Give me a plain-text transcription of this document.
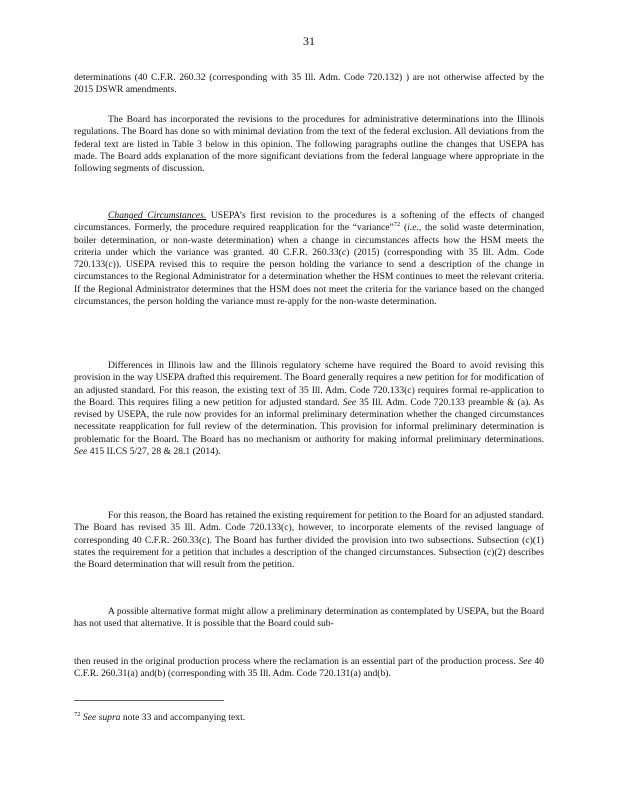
31

determinations (40 C.F.R. 260.32 (corresponding with 35 Ill. Adm. Code 720.132) ) are not otherwise affected by the 2015 DSWR amendments.

The Board has incorporated the revisions to the procedures for administrative determinations into the Illinois regulations. The Board has done so with minimal deviation from the text of the federal exclusion. All deviations from the federal text are listed in Table 3 below in this opinion. The following paragraphs outline the changes that USEPA has made. The Board adds explanation of the more significant deviations from the federal language where appropriate in the following segments of discussion.

Changed Circumstances. USEPA’s first revision to the procedures is a softening of the effects of changed circumstances. Formerly, the procedure required reapplication for the “variance”$^{72}$ (i.e., the solid waste determination, boiler determination, or non-waste determination) when a change in circumstances affects how the HSM meets the criteria under which the variance was granted. 40 C.F.R. 260.33(c) (2015) (corresponding with 35 Ill. Adm. Code 720.133(c)). USEPA revised this to require the person holding the variance to send a description of the change in circumstances to the Regional Administrator for a determination whether the HSM continues to meet the relevant criteria. If the Regional Administrator determines that the HSM does not meet the criteria for the variance based on the changed circumstances, the person holding the variance must re-apply for the non-waste determination.

Differences in Illinois law and the Illinois regulatory scheme have required the Board to avoid revising this provision in the way USEPA drafted this requirement. The Board generally requires a new petition for for modification of an adjusted standard. For this reason, the existing text of 35 Ill. Adm. Code 720.133(c) requires formal re-application to the Board. This requires filing a new petition for adjusted standard. See 35 Ill. Adm. Code 720.133 preamble & (a). As revised by USEPA, the rule now provides for an informal preliminary determination whether the changed circumstances necessitate reapplication for full review of the determination. This provision for informal preliminary determination is problematic for the Board. The Board has no mechanism or authority for making informal preliminary determinations. See 415 ILCS 5/27, 28 & 28.1 (2014).

For this reason, the Board has retained the existing requirement for petition to the Board for an adjusted standard. The Board has revised 35 Ill. Adm. Code 720.133(c), however, to incorporate elements of the revised language of corresponding 40 C.F.R. 260.33(c). The Board has further divided the provision into two subsections. Subsection (c)(1) states the requirement for a petition that includes a description of the changed circumstances. Subsection (c)(2) describes the Board determination that will result from the petition.

A possible alternative format might allow a preliminary determination as contemplated by USEPA, but the Board has not used that alternative. It is possible that the Board could sub-

then reused in the original production process where the reclamation is an essential part of the production process. See 40 C.F.R. 260.31(a) and(b) (corresponding with 35 Ill. Adm. Code 720.131(a) and(b).

$^{72}$ See supra note 33 and accompanying text.
